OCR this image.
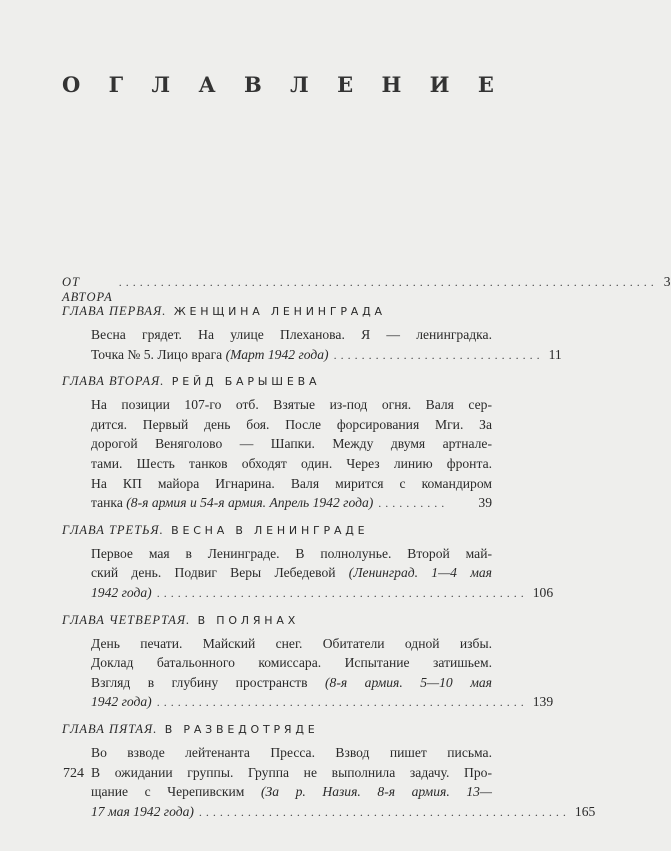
О Г Л А В Л Е Н И Е
ОТ АВТОРА
............................................................................. 3
ГЛАВА ПЕРВАЯ. ЖЕНЩИНА ЛЕНИНГРАДА
Весна грядет. На улице Плеханова. Я — ленинградка.
Точка № 5. Лицо врага
(Март 1942 года) .............................. 11
ГЛАВА ВТОРАЯ. РЕЙД БАРЫШЕВА
На позиции 107-го отб. Взятые из-под огня. Валя сер-
дится. Первый день боя. После форсирования Мги. За
дорогой Веняголово — Шапки. Между двумя артнале-
тами. Шесть танков обходят один. Через линию фронта.
На КП майора Игнарина. Валя мирится с командиром
танка
(8-я армия и 54-я армия. Апрель 1942 года) ..........	39
ГЛАВА ТРЕТЬЯ. ВЕСНА В ЛЕНИНГРАДЕ
Первое мая в Ленинграде. В полнолунье. Второй май-
ский день. Подвиг Веры Лебедевой (Ленинград. 1—4 мая
1942 года) ..................................................... 106
ГЛАВА ЧЕТВЕРТАЯ. В ПОЛЯНАХ
День печати. Майский снег. Обитатели одной избы.
Доклад батальонного комиссара. Испытание затишьем.
Взгляд в глубину пространств (8-я армия. 5—10 мая
1942 года) ..................................................... 139
ГЛАВА ПЯТАЯ. В РАЗВЕДОТРЯДЕ
Во взводе лейтенанта Пресса. Взвод пишет письма.
В ожидании группы. Группа не выполнила задачу. Про-
щание с Черепивским (За р. Назия. 8-я армия. 13—
17 мая 1942 года) ..................................................... 165
724
